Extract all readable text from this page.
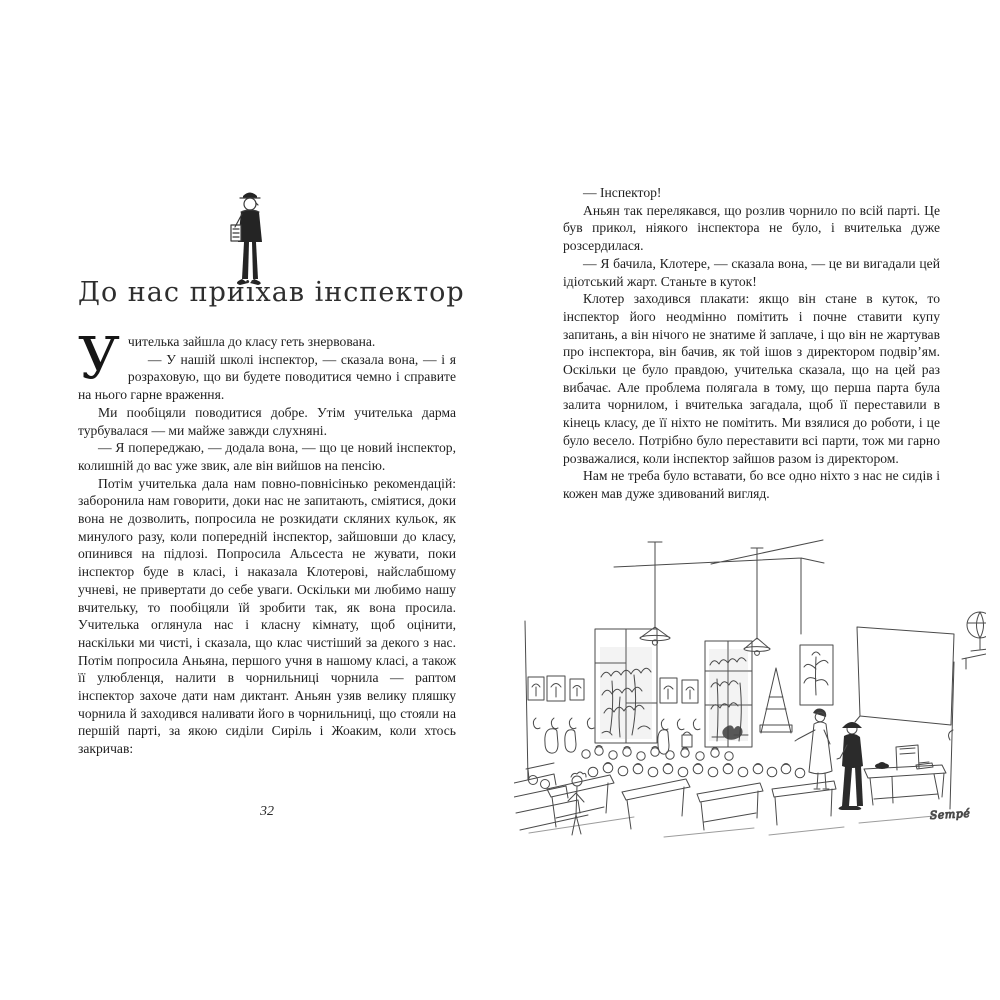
До нас приїхав інспектор

Учителька зайшла до класу геть знервована.

— У нашій школі інспектор, — сказала вона, — і я розраховую, що ви будете поводитися чемно і справите на нього гарне враження.

Ми пообіцяли поводитися добре. Утім учителька дарма турбувалася — ми майже завжди слухняні.

— Я попереджаю, — додала вона, — що це новий інспектор, колишній до вас уже звик, але він вийшов на пенсію.

Потім учителька дала нам повно-повнісінько рекомендацій: заборонила нам говорити, доки нас не запитають, сміятися, доки вона не дозволить, попросила не розкидати скляних кульок, як минулого разу, коли попередній інспектор, зайшовши до класу, опинився на підлозі. Попросила Альсеста не жувати, поки інспектор буде в класі, і наказала Клотерові, найслабшому учневі, не привертати до себе уваги. Оскільки ми любимо нашу вчительку, то пообіцяли їй зробити так, як вона просила. Учителька оглянула нас і класну кімнату, щоб оцінити, наскільки ми чисті, і сказала, що клас чистіший за декого з нас. Потім попросила Аньяна, першого учня в нашому класі, а також її улюбленця, налити в чорнильниці чорнила — раптом інспектор захоче дати нам диктант. Аньян узяв велику пляшку чорнила й заходився наливати його в чорнильниці, що стояли на першій парті, за якою сиділи Сиріль і Жоаким, коли хтось закричав:

32

— Інспектор!

Аньян так перелякався, що розлив чорнило по всій парті. Це був прикол, ніякого інспектора не було, і вчителька дуже розсердилася.

— Я бачила, Клотере, — сказала вона, — це ви вигадали цей ідіотський жарт. Станьте в куток!

Клотер заходився плакати: якщо він стане в куток, то інспектор його неодмінно помітить і почне ставити купу запитань, а він нічого не знатиме й заплаче, і що він не жартував про інспектора, він бачив, як той ішов з директором подвір’ям. Оскільки це було правдою, учителька сказала, що на цей раз вибачає. Але проблема полягала в тому, що перша парта була залита чорнилом, і вчителька загадала, щоб її переставили в кінець класу, де її ніхто не помітить. Ми взялися до роботи, і це було весело. Потрібно було переставити всі парти, тож ми гарно розважалися, коли інспектор зайшов разом із директором.

Нам не треба було вставати, бо все одно ніхто з нас не сидів і кожен мав дуже здивований вигляд.

Sempé
